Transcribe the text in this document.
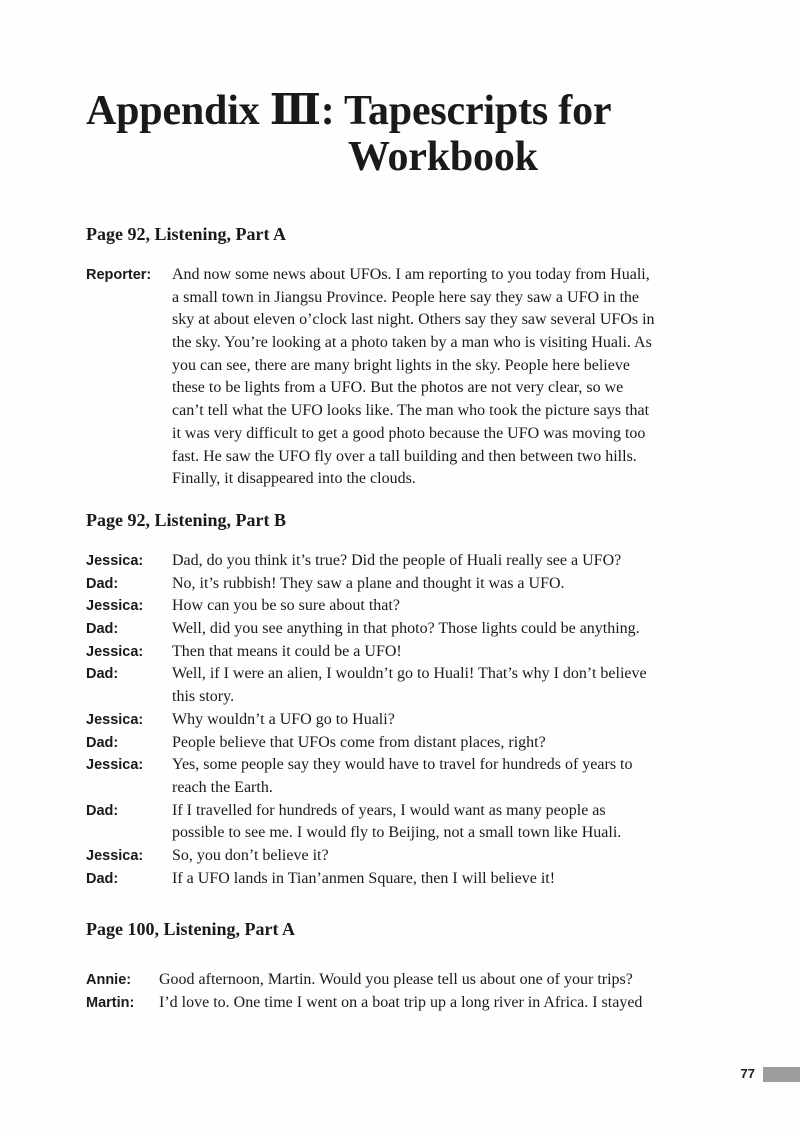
Appendix Ⅲ: Tapescripts for
Workbook
Page 92, Listening, Part A
Reporter: And now some news about UFOs. I am reporting to you today from Huali,
a small town in Jiangsu Province. People here say they saw a UFO in the
sky at about eleven o’clock last night. Others say they saw several UFOs in
the sky. You’re looking at a photo taken by a man who is visiting Huali. As
you can see, there are many bright lights in the sky. People here believe
these to be lights from a UFO. But the photos are not very clear, so we
can’t tell what the UFO looks like. The man who took the picture says that
it was very difficult to get a good photo because the UFO was moving too
fast. He saw the UFO fly over a tall building and then between two hills.
Finally, it disappeared into the clouds.
Page 92, Listening, Part B
Jessica: Dad, do you think it’s true? Did the people of Huali really see a UFO?
Dad:	No, it’s rubbish! They saw a plane and thought it was a UFO.
Jessica: How can you be so sure about that?
Dad:	Well, did you see anything in that photo? Those lights could be anything.
Jessica: Then that means it could be a UFO!
Dad:	Well, if I were an alien, I wouldn’t go to Huali! That’s why I don’t believe
this story.
Jessica: Why wouldn’t a UFO go to Huali?
Dad:	People believe that UFOs come from distant places, right?
Jessica: Yes, some people say they would have to travel for hundreds of years to
reach the Earth.
Dad:	If I travelled for hundreds of years, I would want as many people as
possible to see me. I would fly to Beijing, not a small town like Huali.
Jessica: So, you don’t believe it?
Dad:	If a UFO lands in Tian’anmen Square, then I will believe it!
Page 100, Listening, Part A
Annie: Good afternoon, Martin. Would you please tell us about one of your trips?
Martin: I’d love to. One time I went on a boat trip up a long river in Africa. I stayed
77
